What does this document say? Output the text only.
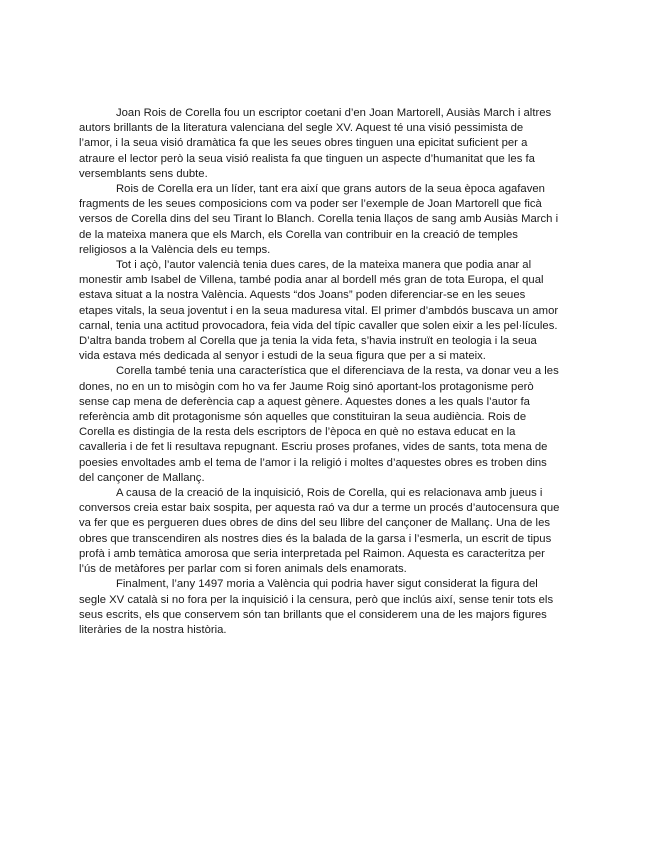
Joan Rois de Corella fou un escriptor coetani d’en Joan Martorell, Ausiàs March i altres
autors brillants de la literatura valenciana del segle XV. Aquest té una visió pessimista de
l’amor, i la seua visió dramàtica fa que les seues obres tinguen una epicitat suficient per a
atraure el lector però la seua visió realista fa que tinguen un aspecte d’humanitat que les fa
versemblants sens dubte.

Rois de Corella era un líder, tant era així que grans autors de la seua època agafaven
fragments de les seues composicions com va poder ser l’exemple de Joan Martorell que ficà
versos de Corella dins del seu Tirant lo Blanch. Corella tenia llaços de sang amb Ausiàs March i
de la mateixa manera que els March, els Corella van contribuir en la creació de temples
religiosos a la València dels eu temps.

Tot i açò, l’autor valencià tenia dues cares, de la mateixa manera que podia anar al
monestir amb Isabel de Villena, també podia anar al bordell més gran de tota Europa, el qual
estava situat a la nostra València. Aquests “dos Joans” poden diferenciar-se en les seues
etapes vitals, la seua joventut i en la seua maduresa vital. El primer d’ambdós buscava un amor
carnal, tenia una actitud provocadora, feia vida del típic cavaller que solen eixir a les pel·lícules.
D’altra banda trobem al Corella que ja tenia la vida feta, s’havia instruït en teologia i la seua
vida estava més dedicada al senyor i estudi de la seua figura que per a si mateix.

Corella també tenia una característica que el diferenciava de la resta, va donar veu a les
dones, no en un to misògin com ho va fer Jaume Roig sinó aportant-los protagonisme però
sense cap mena de deferència cap a aquest gènere. Aquestes dones a les quals l’autor fa
referència amb dit protagonisme són aquelles que constituiran la seua audiència. Rois de
Corella es distingia de la resta dels escriptors de l’època en què no estava educat en la
cavalleria i de fet li resultava repugnant. Escriu proses profanes, vides de sants, tota mena de
poesies envoltades amb el tema de l’amor i la religió i moltes d’aquestes obres es troben dins
del cançoner de Mallanç.

A causa de la creació de la inquisició, Rois de Corella, qui es relacionava amb jueus i
conversos creia estar baix sospita, per aquesta raó va dur a terme un procés d’autocensura que
va fer que es pergueren dues obres de dins del seu llibre del cançoner de Mallanç. Una de les
obres que transcendiren als nostres dies és la balada de la garsa i l’esmerla, un escrit de tipus
profà i amb temàtica amorosa que seria interpretada pel Raimon. Aquesta es caracteritza per
l’ús de metàfores per parlar com si foren animals dels enamorats.

Finalment, l’any 1497 moria a València qui podria haver sigut considerat la figura del
segle XV català si no fora per la inquisició i la censura, però que inclús així, sense tenir tots els
seus escrits, els que conservem són tan brillants que el considerem una de les majors figures
literàries de la nostra història.
